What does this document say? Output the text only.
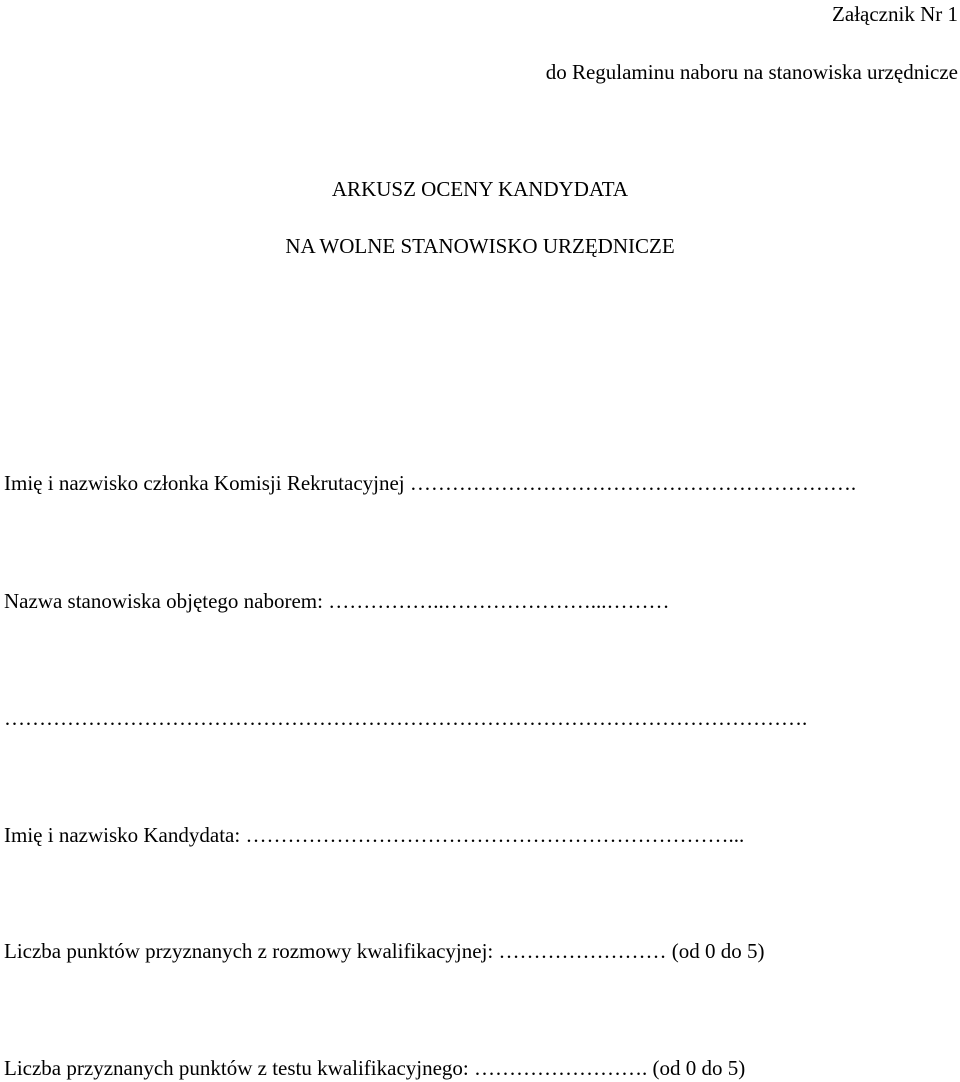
Załącznik Nr 1
do Regulaminu naboru na stanowiska urzędnicze
ARKUSZ OCENY KANDYDATA
NA WOLNE STANOWISKO URZĘDNICZE
Imię i nazwisko członka Komisji Rekrutacyjnej ……………………………………………………….
Nazwa stanowiska objętego naborem: ……………..…………………...………
…………………………………………………………………………………………………….
Imię i nazwisko Kandydata: ……………………………………………………………...
Liczba punktów przyznanych z rozmowy kwalifikacyjnej: …………………… (od 0 do 5)
Liczba przyznanych punktów z testu kwalifikacyjnego: ……………………. (od 0 do 5)
